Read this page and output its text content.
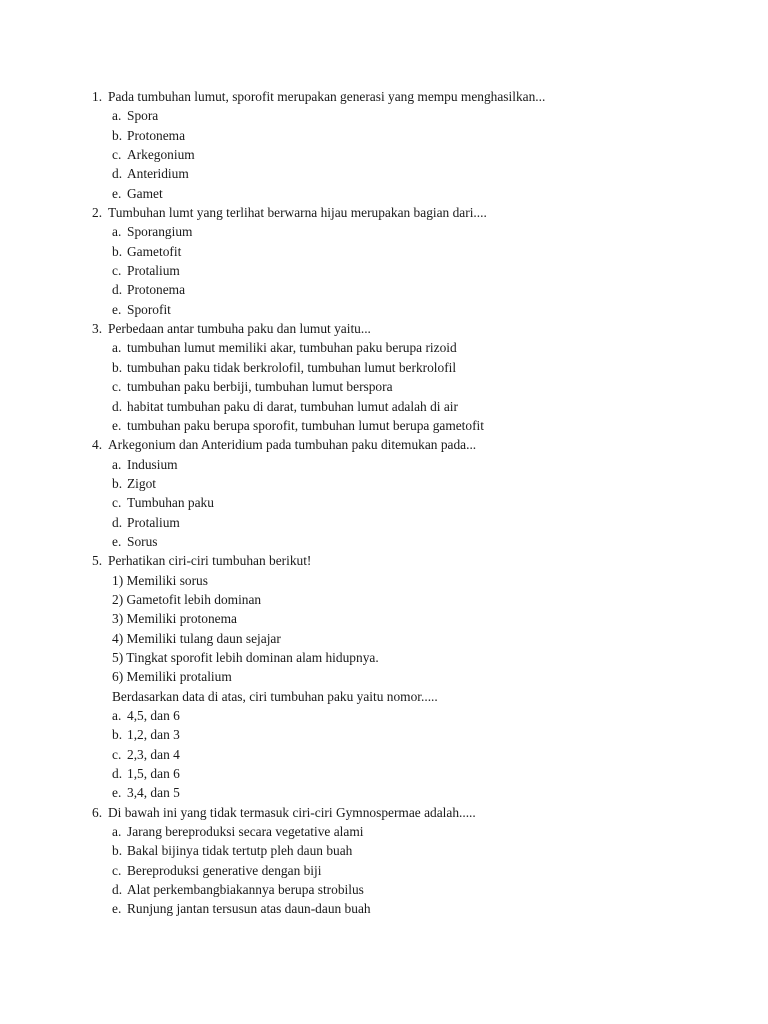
1. Pada tumbuhan lumut, sporofit merupakan generasi yang mempu menghasilkan...
a. Spora
b. Protonema
c. Arkegonium
d. Anteridium
e. Gamet
2. Tumbuhan lumt yang terlihat berwarna hijau merupakan bagian dari....
a. Sporangium
b. Gametofit
c. Protalium
d. Protonema
e. Sporofit
3. Perbedaan antar tumbuha paku dan lumut yaitu...
a. tumbuhan lumut memiliki akar, tumbuhan paku berupa rizoid
b. tumbuhan paku tidak berkrolofil, tumbuhan lumut berkrolofil
c. tumbuhan paku berbiji, tumbuhan lumut berspora
d. habitat tumbuhan paku di darat, tumbuhan lumut adalah di air
e. tumbuhan paku berupa sporofit, tumbuhan lumut berupa gametofit
4. Arkegonium dan Anteridium pada tumbuhan paku ditemukan pada...
a. Indusium
b. Zigot
c. Tumbuhan paku
d. Protalium
e. Sorus
5. Perhatikan ciri-ciri tumbuhan berikut!
1) Memiliki sorus
2) Gametofit lebih dominan
3) Memiliki protonema
4) Memiliki tulang daun sejajar
5) Tingkat sporofit lebih dominan alam hidupnya.
6) Memiliki protalium
Berdasarkan data di atas, ciri tumbuhan paku yaitu nomor.....
a. 4,5, dan 6
b. 1,2, dan 3
c. 2,3, dan 4
d. 1,5, dan 6
e. 3,4, dan 5
6. Di bawah ini yang tidak termasuk ciri-ciri Gymnospermae adalah.....
a. Jarang bereproduksi secara vegetative alami
b. Bakal bijinya tidak tertutp pleh daun buah
c. Bereproduksi generative dengan biji
d. Alat perkembangbiakannya berupa strobilus
e. Runjung jantan tersusun atas daun-daun buah
